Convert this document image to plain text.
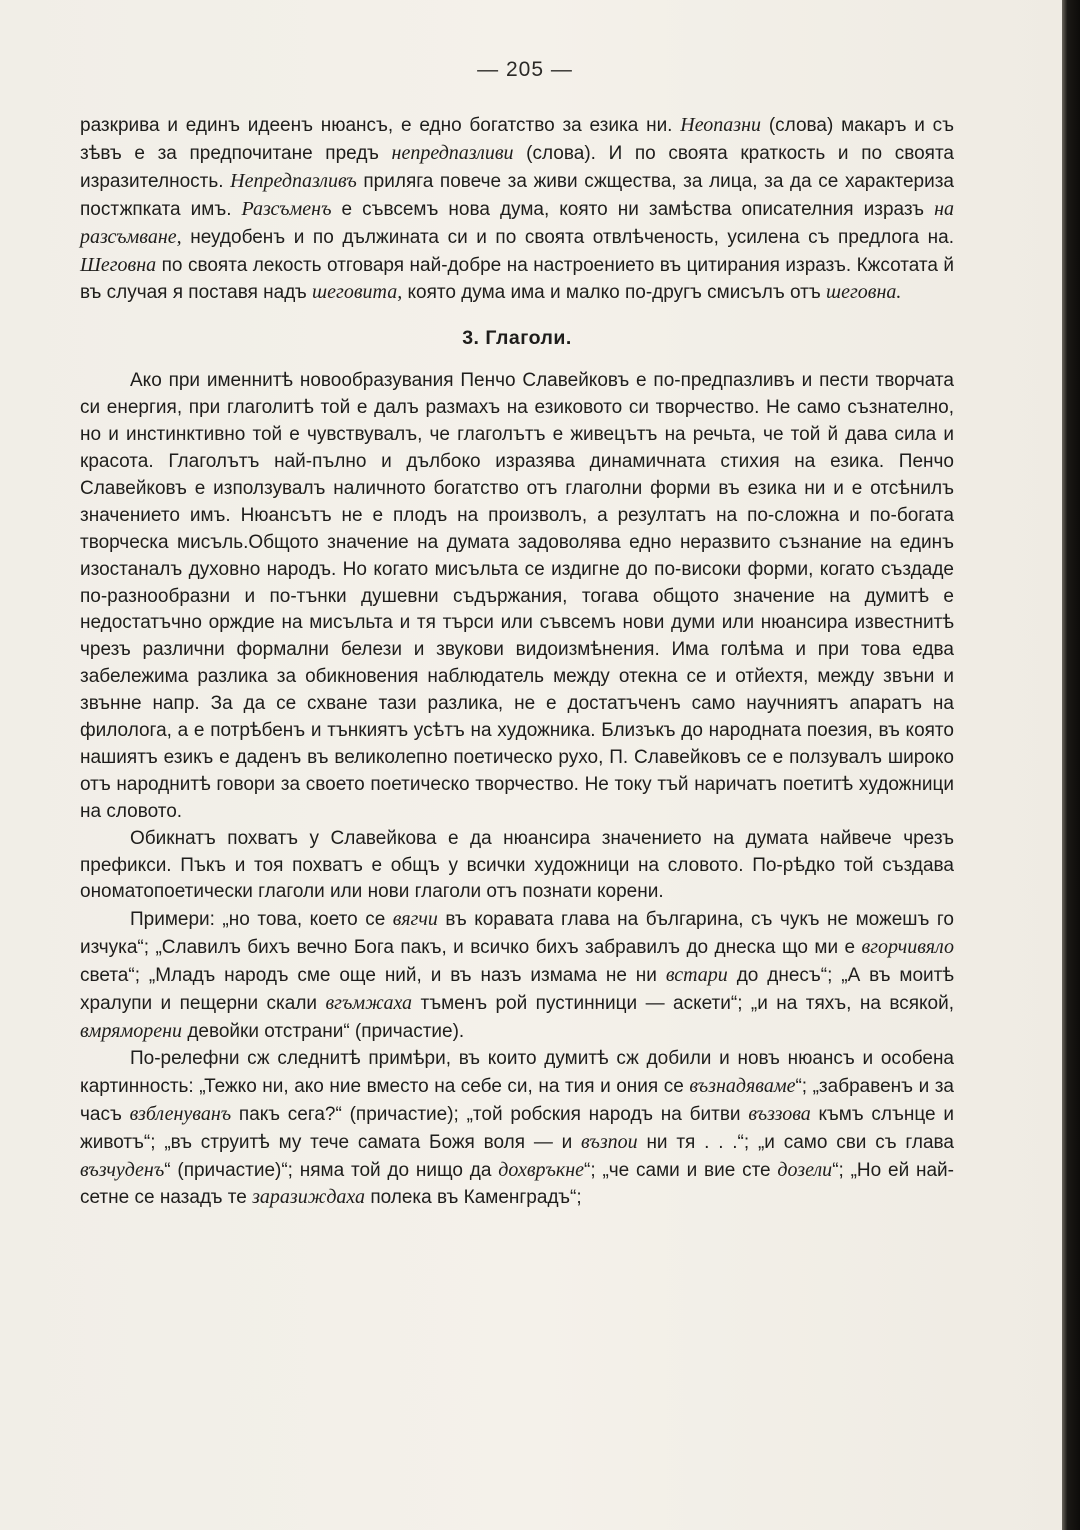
— 205 —

разкрива и единъ идеенъ нюансъ, е едно богатство за езика ни. Неопазни (слова) макаръ и съ зѣвъ е за предпочитане предъ непредпазливи (слова). И по своята краткость и по своята изразителность. Непредпазливъ приляга повече за живи сжщества, за лица, за да се характеризa постжпката имъ. Разсъменъ е съвсемъ нова дума, която ни замѣства описателния изразъ на разсъмване, неудобенъ и по дължината си и по своята отвлѣченость, усилена съ предлога на. Шеговна по своята лекость отговаря най-добре на настроението въ цитирания изразъ. Кжсотата й въ случая я поставя надъ шеговита, която дума има и малко по-другъ смисълъ отъ шеговна.

3. Глаголи.

Ако при именнитѣ новообразувания Пенчо Славейковъ е по-предпазливъ и пести творчата си енергия, при глаголитѣ той е далъ размахъ на езиковото си творчество. Не само съзнателно, но и инстинктивно той е чувствувалъ, че глаголътъ е живецътъ на речьта, че той й дава сила и красота. Глаголътъ най-пълно и дълбоко изразява динамичната стихия на езика. Пенчо Славейковъ е използувалъ наличното богатство отъ глаголни форми въ езика ни и е отсѣнилъ значението имъ. Нюансътъ не е плодъ на произволъ, а резултатъ на по-сложна и по-богата творческа мисъль.Общото значение на думата задоволява едно неразвито съзнание на единъ изостаналъ духовно народъ. Но когато мисъльта се издигне до по-високи форми, когато създаде по-разнообразни и по-тънки душевни съдържания, тогава общото значение на думитѣ е недостатъчно орждие на мисъльта и тя търси или съвсемъ нови думи или нюансира известнитѣ чрезъ различни формални белези и звукови видоизмѣнения. Има голѣма и при това едва забележима разлика за обикновения наблюдатель между отекна се и отйехтя, между звъни и звънне напр. За да се схване тази разлика, не е достатъченъ само научниятъ апаратъ на филолога, а е потрѣбенъ и тънкиятъ усѣтъ на художника. Близъкъ до народната поезия, въ която нашиятъ езикъ е даденъ въ великолепно поетическо рухо, П. Славейковъ се е ползувалъ широко отъ народнитѣ говори за своето поетическо творчество. Не току тъй наричатъ поетитѣ художници на словото.

Обикнатъ похватъ у Славейкова е да нюансира значението на думата найвече чрезъ префикси. Пъкъ и тоя похватъ е общъ у всички художници на словото. По-рѣдко той създава ономатопоетически глаголи или нови глаголи отъ познати корени.

Примери: „но това, което се вягчи въ коравата глава на българина, съ чукъ не можешъ го изчука“; „Славилъ бихъ вечно Бога пакъ, и всичко бихъ забравилъ до днеска що ми е вгорчивяло света“; „Младъ народъ сме още ний, и въ назъ измама не ни встари до днесъ“; „А въ моитѣ хралупи и пещерни скали вгъмжаха тъменъ рой пустинници — аскети“; „и на тяхъ, на всякой, вмряморени девойки отстрани“ (причастие).

По-релефни сж следнитѣ примѣри, въ които думитѣ сж добили и новъ нюансъ и особена картинность: „Тежко ни, ако ние вместо на себе си, на тия и ония се възнадяваме“; „забравенъ и за часъ взбленуванъ пакъ сега?“ (причастие); „той робския народъ на битви въззова къмъ слънце и животъ“; „въ струитѣ му тече самата Божя воля — и възпои ни тя . . .“; „и само сви съ глава възчуденъ“ (причастие)“; няма той до нищо да дохвръкне“; „че сами и вие сте дозели“; „Но ей най-сетне се назадъ те заразиждаха полека въ Каменградъ“;
